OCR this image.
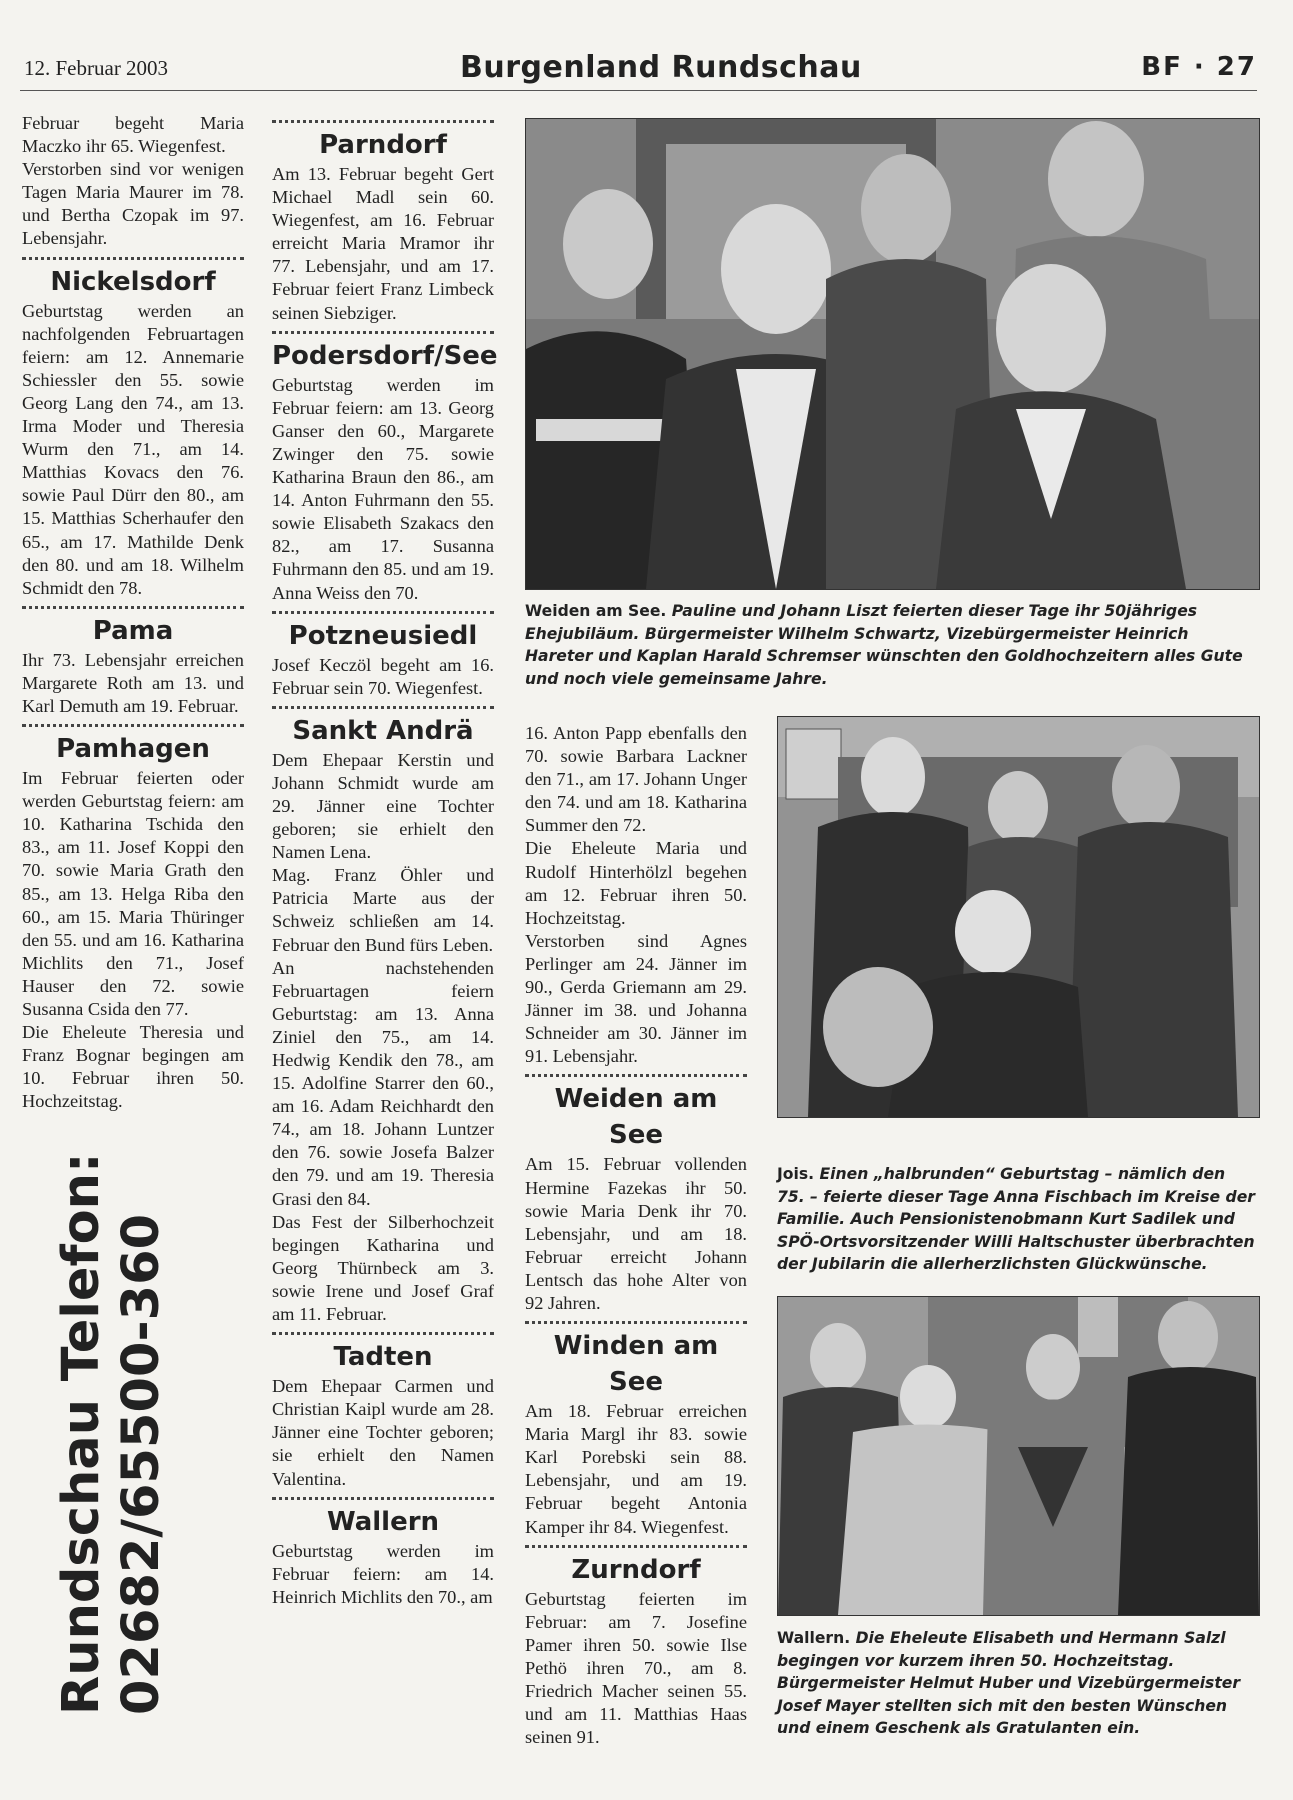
12. Februar 2003	Burgenland Rundschau	BF · 27

Februar begeht Maria Maczko ihr 65. Wiegenfest.

Verstorben sind vor wenigen Tagen Maria Maurer im 78. und Bertha Czopak im 97. Lebensjahr.

Nickelsdorf

Geburtstag werden an nachfolgenden Februartagen feiern: am 12. Annemarie Schiessler den 55. sowie Georg Lang den 74., am 13. Irma Moder und Theresia Wurm den 71., am 14. Matthias Kovacs den 76. sowie Paul Dürr den 80., am 15. Matthias Scherhaufer den 65., am 17. Mathilde Denk den 80. und am 18. Wilhelm Schmidt den 78.

Pama

Ihr 73. Lebensjahr erreichen Margarete Roth am 13. und Karl Demuth am 19. Februar.

Pamhagen

Im Februar feierten oder werden Geburtstag feiern: am 10. Katharina Tschida den 83., am 11. Josef Koppi den 70. sowie Maria Grath den 85., am 13. Helga Riba den 60., am 15. Maria Thüringer den 55. und am 16. Katharina Michlits den 71., Josef Hauser den 72. sowie Susanna Csida den 77.

Die Eheleute Theresia und Franz Bognar begingen am 10. Februar ihren 50. Hochzeitstag.

Rundschau Telefon: 02682/65500-360
Parndorf

Am 13. Februar begeht Gert Michael Madl sein 60. Wiegenfest, am 16. Februar erreicht Maria Mramor ihr 77. Lebensjahr, und am 17. Februar feiert Franz Limbeck seinen Siebziger.

Podersdorf/See

Geburtstag werden im Februar feiern: am 13. Georg Ganser den 60., Margarete Zwinger den 75. sowie Katharina Braun den 86., am 14. Anton Fuhrmann den 55. sowie Elisabeth Szakacs den 82., am 17. Susanna Fuhrmann den 85. und am 19. Anna Weiss den 70.

Potzneusiedl

Josef Keczöl begeht am 16. Februar sein 70. Wiegenfest.

Sankt Andrä

Dem Ehepaar Kerstin und Johann Schmidt wurde am 29. Jänner eine Tochter geboren; sie erhielt den Namen Lena.

Mag. Franz Öhler und Patricia Marte aus der Schweiz schließen am 14. Februar den Bund fürs Leben.

An nachstehenden Februartagen feiern Geburtstag: am 13. Anna Ziniel den 75., am 14. Hedwig Kendik den 78., am 15. Adolfine Starrer den 60., am 16. Adam Reichhardt den 74., am 18. Johann Luntzer den 76. sowie Josefa Balzer den 79. und am 19. Theresia Grasi den 84.

Das Fest der Silberhochzeit begingen Katharina und Georg Thürnbeck am 3. sowie Irene und Josef Graf am 11. Februar.

Tadten

Dem Ehepaar Carmen und Christian Kaipl wurde am 28. Jänner eine Tochter geboren; sie erhielt den Namen Valentina.

Wallern

Geburtstag werden im Februar feiern: am 14. Heinrich Michlits den 70., am

16. Anton Papp ebenfalls den 70. sowie Barbara Lackner den 71., am 17. Johann Unger den 74. und am 18. Katharina Summer den 72.

Die Eheleute Maria und Rudolf Hinterhölzl begehen am 12. Februar ihren 50. Hochzeitstag.

Verstorben sind Agnes Perlinger am 24. Jänner im 90., Gerda Griemann am 29. Jänner im 38. und Johanna Schneider am 30. Jänner im 91. Lebensjahr.

Weiden am See

Am 15. Februar vollenden Hermine Fazekas ihr 50. sowie Maria Denk ihr 70. Lebensjahr, und am 18. Februar erreicht Johann Lentsch das hohe Alter von 92 Jahren.

Winden am See

Am 18. Februar erreichen Maria Margl ihr 83. sowie Karl Porebski sein 88. Lebensjahr, und am 19. Februar begeht Antonia Kamper ihr 84. Wiegenfest.

Zurndorf

Geburtstag feierten im Februar: am 7. Josefine Pamer ihren 50. sowie Ilse Pethö ihren 70., am 8. Friedrich Macher seinen 55. und am 11. Matthias Haas seinen 91.

Weiden am See. Pauline und Johann Liszt feierten dieser Tage ihr 50jähriges Ehejubiläum. Bürgermeister Wilhelm Schwartz, Vizebürgermeister Heinrich Hareter und Kaplan Harald Schremser wünschten den Goldhochzeitern alles Gute und noch viele gemeinsame Jahre.
Jois. Einen „halbrunden“ Geburtstag – nämlich den 75. – feierte dieser Tage Anna Fischbach im Kreise der Familie. Auch Pensionistenobmann Kurt Sadilek und SPÖ-Ortsvorsitzender Willi Haltschuster überbrachten der Jubilarin die allerherzlichsten Glückwünsche.
Wallern. Die Eheleute Elisabeth und Hermann Salzl begingen vor kurzem ihren 50. Hochzeitstag. Bürgermeister Helmut Huber und Vizebürgermeister Josef Mayer stellten sich mit den besten Wünschen und einem Geschenk als Gratulanten ein.
